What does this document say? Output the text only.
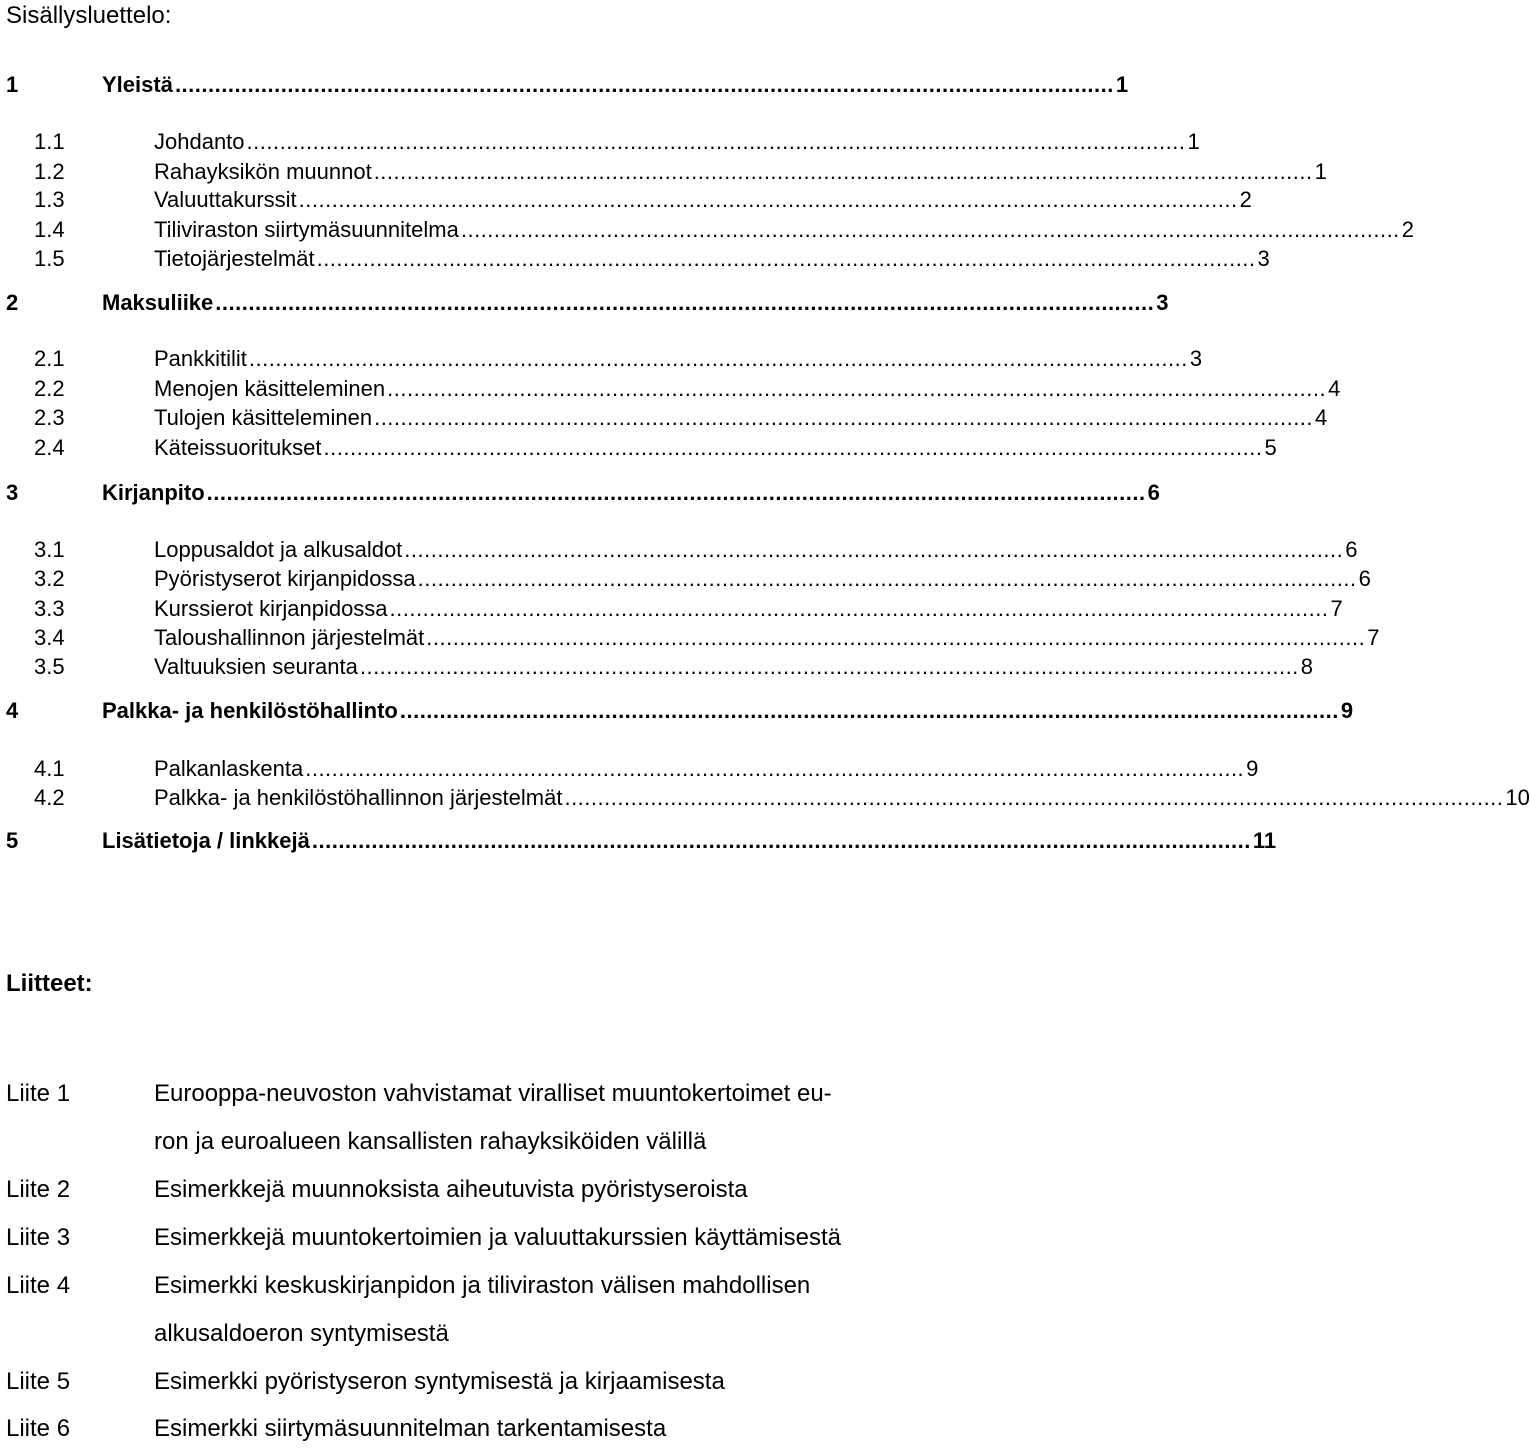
Sisällysluettelo:
1	Yleistä .............................................................................................................................................. 1
1.1	Johdanto .............................................................................................................................................. 1
1.2	Rahayksikön muunnot .............................................................................................................................................. 1
1.3	Valuuttakurssit .............................................................................................................................................. 2
1.4	Tiliviraston siirtymäsuunnitelma .............................................................................................................................................. 2
1.5	Tietojärjestelmät .............................................................................................................................................. 3
2	Maksuliike .............................................................................................................................................. 3
2.1	Pankkitilit .............................................................................................................................................. 3
2.2	Menojen käsitteleminen .............................................................................................................................................. 4
2.3	Tulojen käsitteleminen .............................................................................................................................................. 4
2.4	Käteissuoritukset .............................................................................................................................................. 5
3	Kirjanpito .............................................................................................................................................. 6
3.1	Loppusaldot ja alkusaldot .............................................................................................................................................. 6
3.2	Pyöristyserot kirjanpidossa .............................................................................................................................................. 6
3.3	Kurssierot kirjanpidossa .............................................................................................................................................. 7
3.4	Taloushallinnon järjestelmät .............................................................................................................................................. 7
3.5	Valtuuksien seuranta .............................................................................................................................................. 8
4	Palkka- ja henkilöstöhallinto .............................................................................................................................................. 9
4.1	Palkanlaskenta .............................................................................................................................................. 9
4.2	Palkka- ja henkilöstöhallinnon järjestelmät .............................................................................................................................................. 10
5	Lisätietoja / linkkejä .............................................................................................................................................. 11
Liitteet:
Liite 1	Eurooppa-neuvoston vahvistamat viralliset muuntokertoimet eu-
ron ja euroalueen kansallisten rahayksiköiden välillä
Liite 2	Esimerkkejä muunnoksista aiheutuvista pyöristyseroista
Liite 3	Esimerkkejä muuntokertoimien ja valuuttakurssien käyttämisestä
Liite 4	Esimerkki keskuskirjanpidon ja tiliviraston välisen mahdollisen
alkusaldoeron syntymisestä
Liite 5	Esimerkki pyöristyseron syntymisestä ja kirjaamisesta
Liite 6	Esimerkki siirtymäsuunnitelman tarkentamisesta
